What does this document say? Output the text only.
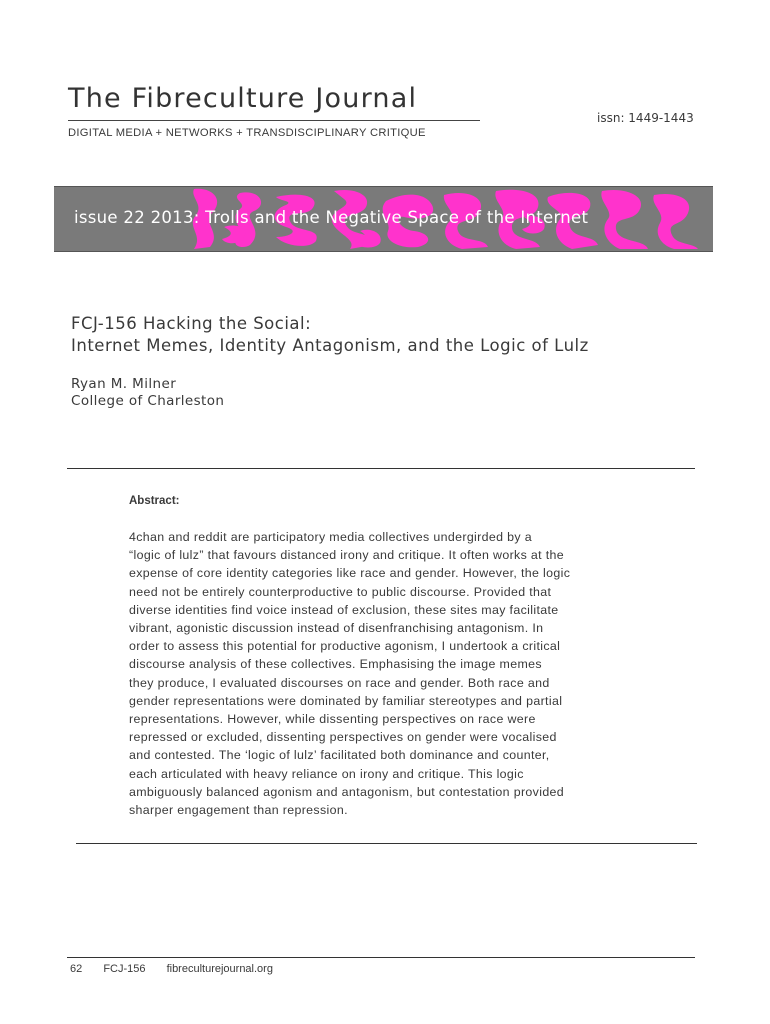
The Fibreculture Journal
DIGITAL MEDIA + NETWORKS + TRANSDISCIPLINARY CRITIQUE
issn: 1449-1443
issue 22 2013: Trolls and the Negative Space of the Internet
FCJ-156 Hacking the Social:
Internet Memes, Identity Antagonism, and the Logic of Lulz
Ryan M. Milner
College of Charleston
Abstract:
4chan and reddit are participatory media collectives undergirded by a
“logic of lulz” that favours distanced irony and critique. It often works at the
expense of core identity categories like race and gender. However, the logic
need not be entirely counterproductive to public discourse. Provided that
diverse identities find voice instead of exclusion, these sites may facilitate
vibrant, agonistic discussion instead of disenfranchising antagonism. In
order to assess this potential for productive agonism, I undertook a critical
discourse analysis of these collectives. Emphasising the image memes
they produce, I evaluated discourses on race and gender. Both race and
gender representations were dominated by familiar stereotypes and partial
representations. However, while dissenting perspectives on race were
repressed or excluded, dissenting perspectives on gender were vocalised
and contested. The ‘logic of lulz’ facilitated both dominance and counter,
each articulated with heavy reliance on irony and critique. This logic
ambiguously balanced agonism and antagonism, but contestation provided
sharper engagement than repression.
62 FCJ-156 fibreculturejournal.org
